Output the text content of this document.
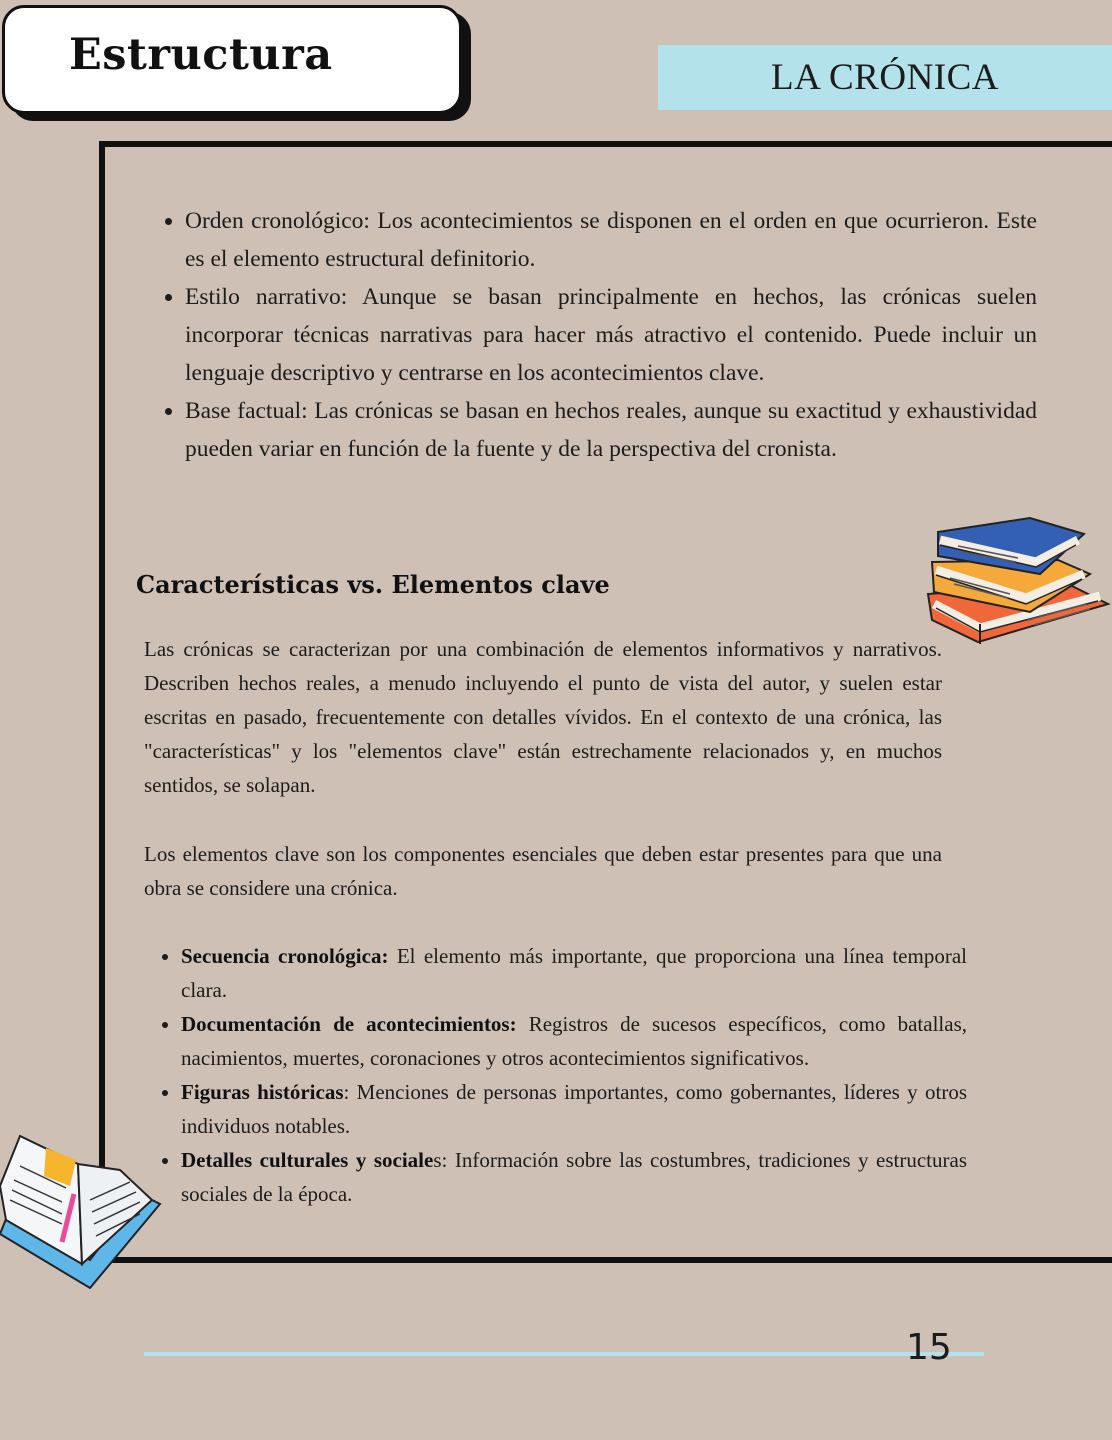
Estructura	LA CRÓNICA
• Orden cronológico: Los acontecimientos se disponen en el orden en que ocurrieron. Este es el elemento estructural definitorio.
• Estilo narrativo: Aunque se basan principalmente en hechos, las crónicas suelen incorporar técnicas narrativas para hacer más atractivo el contenido. Puede incluir un lenguaje descriptivo y centrarse en los acontecimientos clave.
• Base factual: Las crónicas se basan en hechos reales, aunque su exactitud y exhaustividad pueden variar en función de la fuente y de la perspectiva del cronista.
Características vs. Elementos clave

Las crónicas se caracterizan por una combinación de elementos informativos y narrativos. Describen hechos reales, a menudo incluyendo el punto de vista del autor, y suelen estar escritas en pasado, frecuentemente con detalles vívidos. En el contexto de una crónica, las "características" y los "elementos clave" están estrechamente relacionados y, en muchos sentidos, se solapan.

Los elementos clave son los componentes esenciales que deben estar presentes para que una obra se considere una crónica.

• Secuencia cronológica: El elemento más importante, que proporciona una línea temporal clara.
• Documentación de acontecimientos: Registros de sucesos específicos, como batallas, nacimientos, muertes, coronaciones y otros acontecimientos significativos.
• Figuras históricas: Menciones de personas importantes, como gobernantes, líderes y otros individuos notables.
• Detalles culturales y sociales: Información sobre las costumbres, tradiciones y estructuras sociales de la época.
15
